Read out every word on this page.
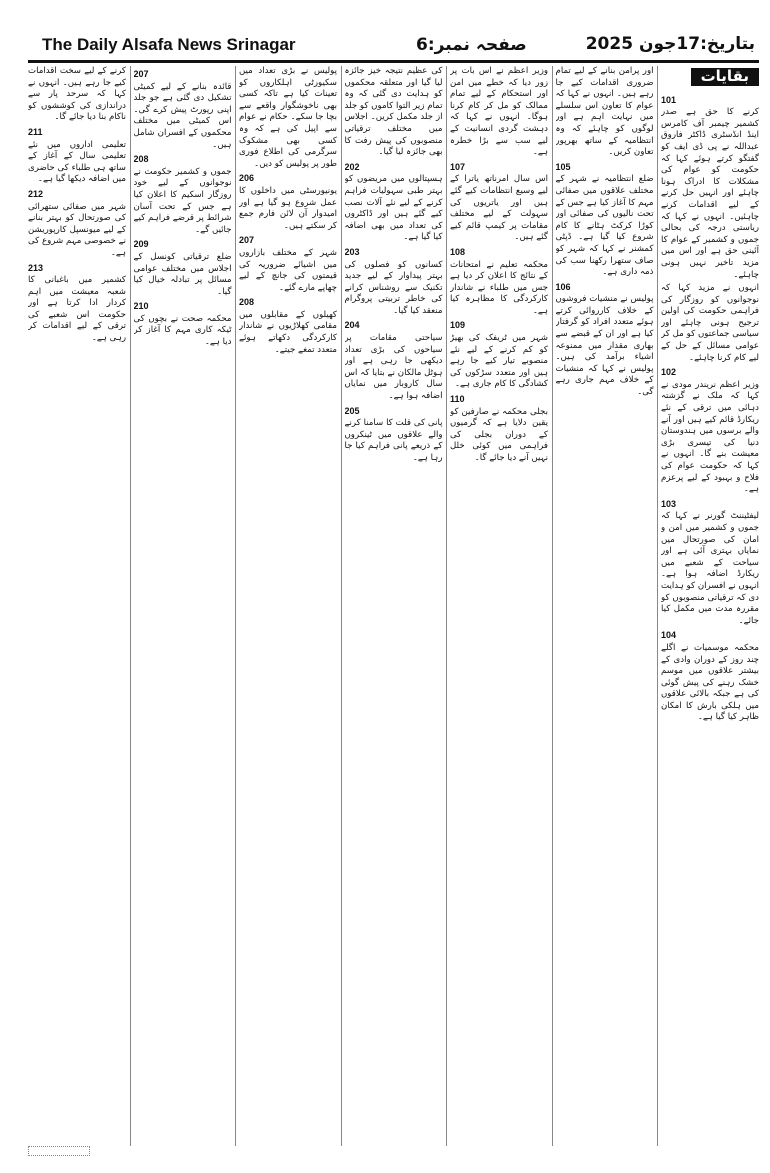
The Daily Alsafa News Srinagar	صفحہ نمبر:6	بتاریخ:17جون 2025
بقایات
101

کرنے کا حق ہے صدر کشمیر چیمبر آف کامرس اینڈ انڈسٹری ڈاکٹر فاروق عبداللہ نے پی ڈی ایف کو گفتگو کرتے ہوئے کہا کہ حکومت کو عوام کی مشکلات کا ادراک ہونا چاہئے اور انہیں حل کرنے کے لیے اقدامات کرنے چاہئیں۔ انہوں نے کہا کہ ریاستی درجہ کی بحالی جموں و کشمیر کے عوام کا آئینی حق ہے اور اس میں مزید تاخیر نہیں ہونی چاہئے۔

انہوں نے مزید کہا کہ نوجوانوں کو روزگار کی فراہمی حکومت کی اولین ترجیح ہونی چاہئے اور سیاسی جماعتوں کو مل کر عوامی مسائل کے حل کے لیے کام کرنا چاہئے۔

102

وزیر اعظم نریندر مودی نے کہا کہ ملک نے گزشتہ دہائی میں ترقی کے نئے ریکارڈ قائم کیے ہیں اور آنے والے برسوں میں ہندوستان دنیا کی تیسری بڑی معیشت بنے گا۔ انہوں نے کہا کہ حکومت عوام کی فلاح و بہبود کے لیے پرعزم ہے۔

103

لیفٹیننٹ گورنر نے کہا کہ جموں و کشمیر میں امن و امان کی صورتحال میں نمایاں بہتری آئی ہے اور سیاحت کے شعبے میں ریکارڈ اضافہ ہوا ہے۔ انہوں نے افسران کو ہدایت دی کہ ترقیاتی منصوبوں کو مقررہ مدت میں مکمل کیا جائے۔

104

محکمہ موسمیات نے اگلے چند روز کے دوران وادی کے بیشتر علاقوں میں موسم خشک رہنے کی پیش گوئی کی ہے جبکہ بالائی علاقوں میں ہلکی بارش کا امکان ظاہر کیا گیا ہے۔

اور پرامن بنانے کے لیے تمام ضروری اقدامات کیے جا رہے ہیں۔ انہوں نے کہا کہ عوام کا تعاون اس سلسلے میں نہایت اہم ہے اور لوگوں کو چاہئے کہ وہ انتظامیہ کے ساتھ بھرپور تعاون کریں۔

105

ضلع انتظامیہ نے شہر کے مختلف علاقوں میں صفائی مہم کا آغاز کیا ہے جس کے تحت نالیوں کی صفائی اور کوڑا کرکٹ ہٹانے کا کام شروع کیا گیا ہے۔ ڈپٹی کمشنر نے کہا کہ شہر کو صاف ستھرا رکھنا سب کی ذمہ داری ہے۔

106

پولیس نے منشیات فروشوں کے خلاف کارروائی کرتے ہوئے متعدد افراد کو گرفتار کیا ہے اور ان کے قبضے سے بھاری مقدار میں ممنوعہ اشیاء برآمد کی ہیں۔ پولیس نے کہا کہ منشیات کے خلاف مہم جاری رہے گی۔

وزیر اعظم نے اس بات پر زور دیا کہ خطے میں امن اور استحکام کے لیے تمام ممالک کو مل کر کام کرنا ہوگا۔ انہوں نے کہا کہ دہشت گردی انسانیت کے لیے سب سے بڑا خطرہ ہے۔

107

اس سال امرناتھ یاترا کے لیے وسیع انتظامات کیے گئے ہیں اور یاتریوں کی سہولت کے لیے مختلف مقامات پر کیمپ قائم کیے گئے ہیں۔

108

محکمہ تعلیم نے امتحانات کے نتائج کا اعلان کر دیا ہے جس میں طلباء نے شاندار کارکردگی کا مظاہرہ کیا ہے۔

109

شہر میں ٹریفک کی بھیڑ کو کم کرنے کے لیے نئے منصوبے تیار کیے جا رہے ہیں اور متعدد سڑکوں کی کشادگی کا کام جاری ہے۔

110

بجلی محکمہ نے صارفین کو یقین دلایا ہے کہ گرمیوں کے دوران بجلی کی فراہمی میں کوئی خلل نہیں آنے دیا جائے گا۔

کی عظیم نتیجہ خیز جائزہ لیا گیا اور متعلقہ محکموں کو ہدایت دی گئی کہ وہ تمام زیر التوا کاموں کو جلد از جلد مکمل کریں۔ اجلاس میں مختلف ترقیاتی منصوبوں کی پیش رفت کا بھی جائزہ لیا گیا۔

202

ہسپتالوں میں مریضوں کو بہتر طبی سہولیات فراہم کرنے کے لیے نئے آلات نصب کیے گئے ہیں اور ڈاکٹروں کی تعداد میں بھی اضافہ کیا گیا ہے۔

203

کسانوں کو فصلوں کی بہتر پیداوار کے لیے جدید تکنیک سے روشناس کرانے کی خاطر تربیتی پروگرام منعقد کیا گیا۔

204

سیاحتی مقامات پر سیاحوں کی بڑی تعداد دیکھی جا رہی ہے اور ہوٹل مالکان نے بتایا کہ اس سال کاروبار میں نمایاں اضافہ ہوا ہے۔

205

پانی کی قلت کا سامنا کرنے والے علاقوں میں ٹینکروں کے ذریعے پانی فراہم کیا جا رہا ہے۔

پولیس نے بڑی تعداد میں سکیورٹی اہلکاروں کو تعینات کیا ہے تاکہ کسی بھی ناخوشگوار واقعے سے بچا جا سکے۔ حکام نے عوام سے اپیل کی ہے کہ وہ کسی بھی مشکوک سرگرمی کی اطلاع فوری طور پر پولیس کو دیں۔

206

یونیورسٹی میں داخلوں کا عمل شروع ہو گیا ہے اور امیدوار آن لائن فارم جمع کر سکتے ہیں۔

207

شہر کے مختلف بازاروں میں اشیائے ضروریہ کی قیمتوں کی جانچ کے لیے چھاپے مارے گئے۔

208

کھیلوں کے مقابلوں میں مقامی کھلاڑیوں نے شاندار کارکردگی دکھاتے ہوئے متعدد تمغے جیتے۔

207

قائدہ بنانے کے لیے کمیٹی تشکیل دی گئی ہے جو جلد اپنی رپورٹ پیش کرے گی۔ اس کمیٹی میں مختلف محکموں کے افسران شامل ہیں۔

208

جموں و کشمیر حکومت نے نوجوانوں کے لیے خود روزگار اسکیم کا اعلان کیا ہے جس کے تحت آسان شرائط پر قرضے فراہم کیے جائیں گے۔

209

ضلع ترقیاتی کونسل کے اجلاس میں مختلف عوامی مسائل پر تبادلہ خیال کیا گیا۔

210

محکمہ صحت نے بچوں کی ٹیکہ کاری مہم کا آغاز کر دیا ہے۔

کرنے کے لیے سخت اقدامات کیے جا رہے ہیں۔ انہوں نے کہا کہ سرحد پار سے دراندازی کی کوششوں کو ناکام بنا دیا جائے گا۔

211

تعلیمی اداروں میں نئے تعلیمی سال کے آغاز کے ساتھ ہی طلباء کی حاضری میں اضافہ دیکھا گیا ہے۔

212

شہر میں صفائی ستھرائی کی صورتحال کو بہتر بنانے کے لیے میونسپل کارپوریشن نے خصوصی مہم شروع کی ہے۔

213

کشمیر میں باغبانی کا شعبہ معیشت میں اہم کردار ادا کرتا ہے اور حکومت اس شعبے کی ترقی کے لیے اقدامات کر رہی ہے۔
